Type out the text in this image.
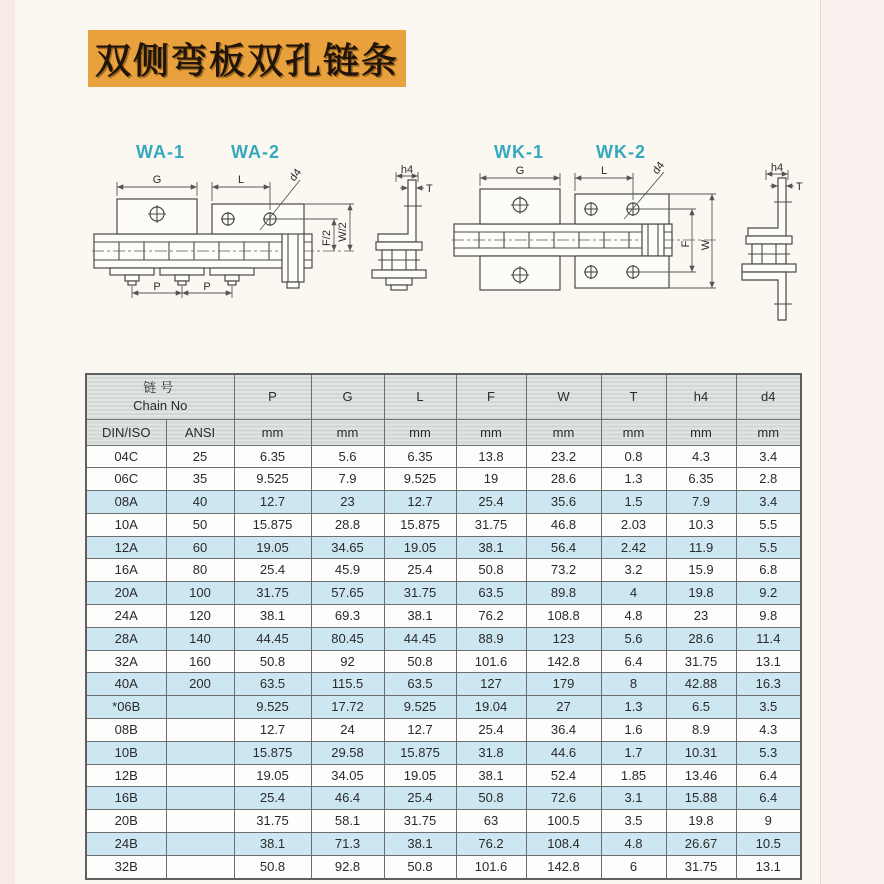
双侧弯板双孔链条
WA-1	WA-2	WK-1	WK-2
G	L	d4
F/2 W/2
P	P
h4
T
G	L	d4
F W
h4
T
链号
Chain No		P	G	L	F	W	T	h4	d4
DIN/ISO	ANSI	mm	mm	mm	mm	mm	mm	mm	mm
04C	25	6.35	5.6	6.35	13.8	23.2	0.8	4.3	3.4
06C	35	9.525	7.9	9.525	19	28.6	1.3	6.35	2.8
08A	40	12.7	23	12.7	25.4	35.6	1.5	7.9	3.4
10A	50	15.875	28.8	15.875	31.75	46.8	2.03	10.3	5.5
12A	60	19.05	34.65	19.05	38.1	56.4	2.42	11.9	5.5
16A	80	25.4	45.9	25.4	50.8	73.2	3.2	15.9	6.8
20A	100	31.75	57.65	31.75	63.5	89.8	4	19.8	9.2
24A	120	38.1	69.3	38.1	76.2	108.8	4.8	23	9.8
28A	140	44.45	80.45	44.45	88.9	123	5.6	28.6	11.4
32A	160	50.8	92	50.8	101.6	142.8	6.4	31.75	13.1
40A	200	63.5	115.5	63.5	127	179	8	42.88	16.3
*06B		9.525	17.72	9.525	19.04	27	1.3	6.5	3.5
08B		12.7	24	12.7	25.4	36.4	1.6	8.9	4.3
10B		15.875	29.58	15.875	31.8	44.6	1.7	10.31	5.3
12B		19.05	34.05	19.05	38.1	52.4	1.85	13.46	6.4
16B		25.4	46.4	25.4	50.8	72.6	3.1	15.88	6.4
20B		31.75	58.1	31.75	63	100.5	3.5	19.8	9
24B		38.1	71.3	38.1	76.2	108.4	4.8	26.67	10.5
32B		50.8	92.8	50.8	101.6	142.8	6	31.75	13.1
